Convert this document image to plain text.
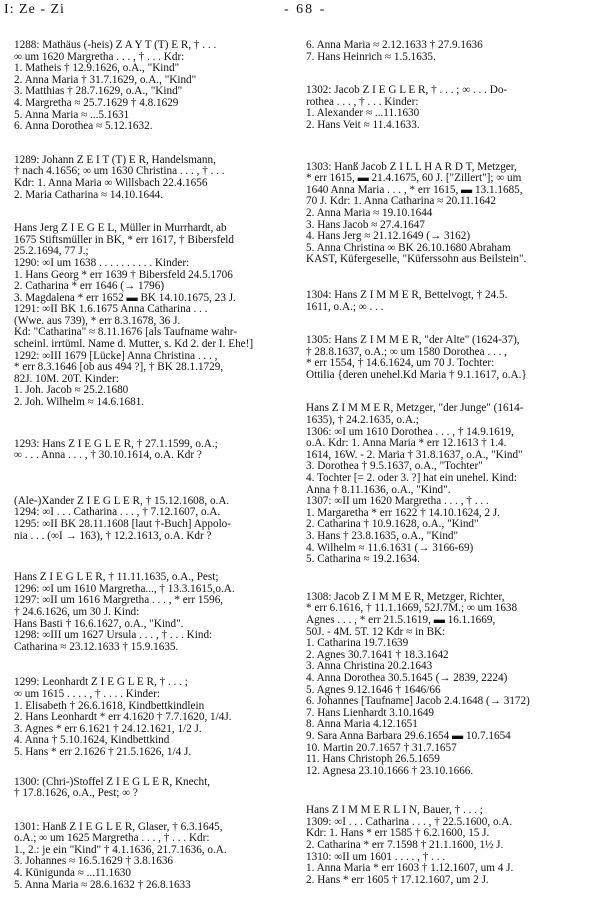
I: Ze - Zi	- 68 -
1288: Mathäus (-heis) Z A Y T (T) E R, † . . .
∞ um 1620 Margretha . . . , † . . . Kdr:
1. Matheis † 12.9.1626, o.A., "Kind"
2. Anna Maria † 31.7.1629, o.A., "Kind"
3. Matthias † 28.7.1629, o.A., "Kind"
4. Margretha ≈ 25.7.1629 † 4.8.1629
5. Anna Maria ≈ ...5.1631
6. Anna Dorothea ≈ 5.12.1632.
1289: Johann Z E I T (T) E R, Handelsmann,
† nach 4.1656; ∞ um 1630 Christina . . . , † . . .
Kdr: 1. Anna Maria ∞ Willsbach 22.4.1656
2. Maria Catharina ≈ 14.10.1644.
Hans Jerg Z I E G E L, Müller in Murrhardt, ab
1675 Stiftsmüller in BK, * err 1617, † Bibersfeld
25.2.1694, 77 J.;
1290: ∞I um 1638 . . . . . . . . . . Kinder:
1. Hans Georg * err 1639 † Bibersfeld 24.5.1706
2. Catharina * err 1646 (→ 1796)
3. Magdalena * err 1652 ▬ BK 14.10.1675, 23 J.
1291: ∞II BK 1.6.1675 Anna Catharina . . .
(Wwe. aus 739), * err 8.3.1678, 36 J.
Kd: "Catharina" ≈ 8.11.1676 [als Taufname wahr-
scheinl. irrtüml. Name d. Mutter, s. Kd 2. der I. Ehe!]
1292: ∞III 1679 [Lücke] Anna Christina . . . ,
* err 8.3.1646 [ob aus 494 ?], † BK 28.1.1729,
82J. 10M. 20T. Kinder:
1. Joh. Jacob ≈ 25.2.1680
2. Joh. Wilhelm ≈ 14.6.1681.
1293: Hans Z I E G L E R, † 27.1.1599, o.A.;
∞ . . . Anna . . . , † 30.10.1614, o.A. Kdr ?
(Ale-)Xander Z I E G L E R, † 15.12.1608, o.A.
1294: ∞I . . . Catharina . . . , † 7.12.1607, o.A.
1295: ∞II BK 28.11.1608 [laut †-Buch] Appolo-
nia . . . (∞I → 163), † 12.2.1613, o.A. Kdr ?
Hans Z I E G L E R, † 11.11.1635, o.A., Pest;
1296: ∞I um 1610 Margretha..., † 13.3.1615,o.A.
1297: ∞II um 1616 Margretha . . . , * err 1596,
† 24.6.1626, um 30 J. Kind:
Hans Basti † 16.6.1627, o.A., "Kind".
1298: ∞III um 1627 Ursula . . . , † . . . Kind:
Catharina ≈ 23.12.1633 † 15.9.1635.
1299: Leonhardt Z I E G L E R, † . . . ;
∞ um 1615 . . . . , † . . . . Kinder:
1. Elisabeth † 26.6.1618, Kindbettkindlein
2. Hans Leonhardt * err 4.1620 † 7.7.1620, 1/4J.
3. Agnes * err 6.1621 † 24.12.1621, 1/2 J.
4. Anna † 5.10.1624, Kindbettkind
5. Hans * err 2.1626 † 21.5.1626, 1/4 J.
1300: (Chri-)Stoffel Z I E G L E R, Knecht,
† 17.8.1626, o.A., Pest; ∞ ?
1301: Hanß Z I E G L E R, Glaser, † 6.3.1645,
o.A.; ∞ um 1625 Margretha . . . , † . . . Kdr:
1., 2.: je ein "Kind" † 4.1.1636, 21.7.1636, o.A.
3. Johannes ≈ 16.5.1629 † 3.8.1636
4. Künigunda ≈ ...11.1630
5. Anna Maria ≈ 28.6.1632 † 26.8.1633
6. Anna Maria ≈ 2.12.1633 † 27.9.1636
7. Hans Heinrich ≈ 1.5.1635.
1302: Jacob Z I E G L E R, † . . . ; ∞ . . . Do-
rothea . . . , † . . . Kinder:
1. Alexander ≈ ...11.1630
2. Hans Veit ≈ 11.4.1633.
1303: Hanß Jacob Z I L L H A R D T, Metzger,
* err 1615, ▬ 21.4.1675, 60 J. ["Zillert"]; ∞ um
1640 Anna Maria . . . , * err 1615, ▬ 13.1.1685,
70 J. Kdr: 1. Anna Catharina ≈ 20.11.1642
2. Anna Maria ≈ 19.10.1644
3. Hans Jacob ≈ 27.4.1647
4. Hans Jerg ≈ 21.12.1649 (→ 3162)
5. Anna Christina ∞ BK 26.10.1680 Abraham
KAST, Küfergeselle, "Küferssohn aus Beilstein".
1304: Hans Z I M M E R, Bettelvogt, † 24.5.
1611, o.A.; ∞ . . .
1305: Hans Z I M M E R, "der Alte" (1624-37),
† 28.8.1637, o.A.; ∞ um 1580 Dorothea . . . ,
* err 1554, † 14.6.1624, um 70 J. Tochter:
Ottilia {deren unehel.Kd Maria † 9.1.1617, o.A.}
Hans Z I M M E R, Metzger, "der Junge" (1614-
1635), † 24.2.1635, o.A.;
1306: ∞I um 1610 Dorothea . . . , † 14.9.1619,
o.A. Kdr: 1. Anna Maria * err 12.1613 † 1.4.
1614, 16W. - 2. Maria † 31.8.1637, o.A., "Kind"
3. Dorothea † 9.5.1637, o.A., "Tochter"
4. Tochter [= 2. oder 3. ?] hat ein unehel. Kind:
Anna † 8.11.1636, o.A., "Kind".
1307: ∞II um 1620 Margretha . . . , † . . .
1. Margaretha * err 1622 † 14.10.1624, 2 J.
2. Catharina † 10.9.1628, o.A., "Kind"
3. Hans † 23.8.1635, o.A., "Kind"
4. Wilhelm ≈ 11.6.1631 (→ 3166-69)
5. Catharina ≈ 19.2.1634.
1308: Jacob Z I M M E R, Metzger, Richter,
* err 6.1616, † 11.1.1669, 52J.7M.; ∞ um 1638
Agnes . . . , * err 21.5.1619, ▬ 16.1.1669,
50J. - 4M. 5T. 12 Kdr ≈ in BK:
1. Catharina 19.7.1639
2. Agnes 30.7.1641 † 18.3.1642
3. Anna Christina 20.2.1643
4. Anna Dorothea 30.5.1645 (→ 2839, 2224)
5. Agnes 9.12.1646 † 1646/66
6. Johannes [Taufname] Jacob 2.4.1648 (→ 3172)
7. Hans Lienhardt 3.10.1649
8. Anna Maria 4.12.1651
9. Sara Anna Barbara 29.6.1654 ▬ 10.7.1654
10. Martin 20.7.1657 † 31.7.1657
11. Hans Christoph 26.5.1659
12. Agnesa 23.10.1666 † 23.10.1666.
Hans Z I M M E R L I N, Bauer, † . . . ;
1309: ∞I . . . Catharina . . . , † 22.5.1600, o.A.
Kdr: 1. Hans * err 1585 † 6.2.1600, 15 J.
2. Catharina * err 7.1598 † 21.1.1600, 1½ J.
1310: ∞II um 1601 . . . . , † . . .
1. Anna Maria * err 1603 † 1.12.1607, um 4 J.
2. Hans * err 1605 † 17.12.1607, um 2 J.
